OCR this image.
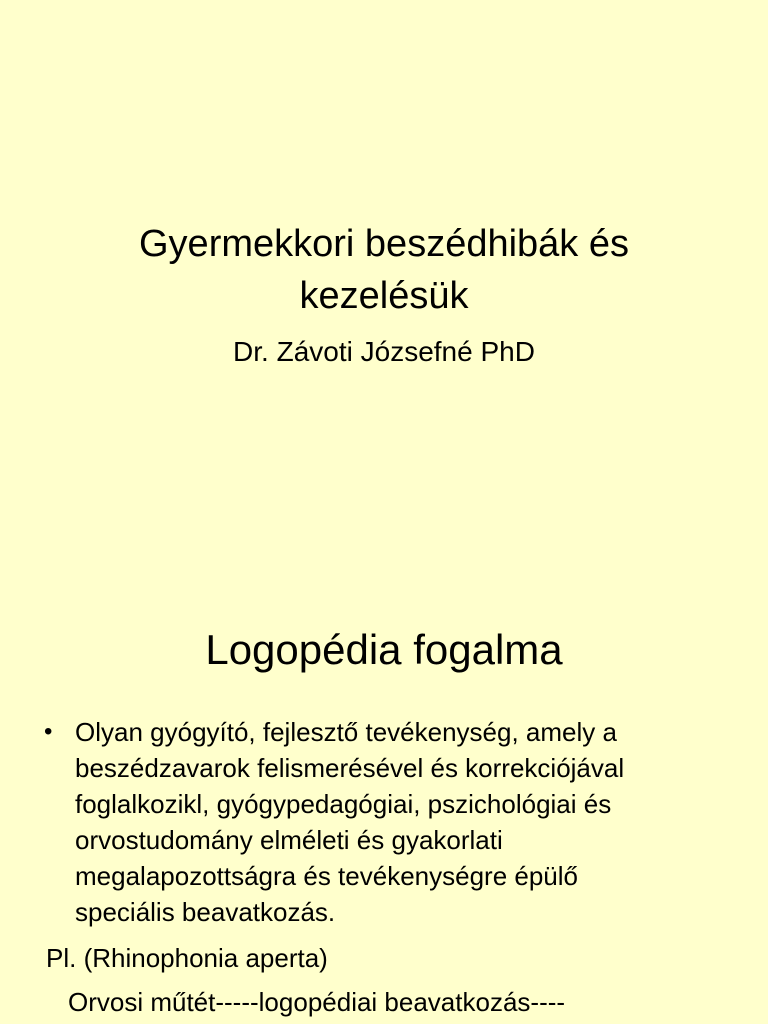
Gyermekkori beszédhibák és
kezelésük
Dr. Závoti Józsefné PhD
Logopédia fogalma
• Olyan gyógyító, fejlesztő tevékenység, amely a
beszédzavarok felismerésével és korrekciójával
foglalkozikl, gyógypedagógiai, pszichológiai és
orvostudomány elméleti és gyakorlati
megalapozottságra és tevékenységre épülő
speciális beavatkozás.
Pl. (Rhinophonia aperta)
Orvosi műtét-----logopédiai beavatkozás----
